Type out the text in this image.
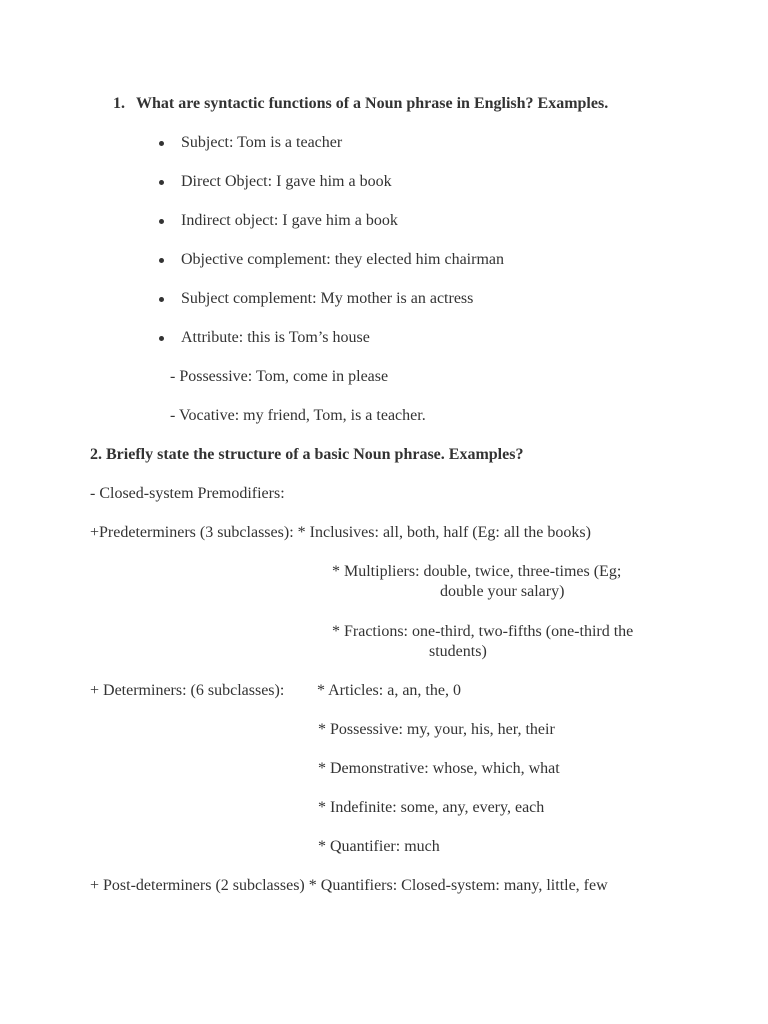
1. What are syntactic functions of a Noun phrase in English? Examples.
Subject: Tom is a teacher
Direct Object: I gave him a book
Indirect object: I gave him a book
Objective complement: they elected him chairman
Subject complement: My mother is an actress
Attribute: this is Tom’s house
- Possessive: Tom, come in please
- Vocative: my friend, Tom, is a teacher.
2. Briefly state the structure of a basic Noun phrase. Examples?
- Closed-system Premodifiers:
+Predeterminers (3 subclasses): * Inclusives: all, both, half (Eg: all the books)
* Multipliers: double, twice, three-times (Eg;
double your salary)
* Fractions: one-third, two-fifths (one-third the
students)
+ Determiners: (6 subclasses): * Articles: a, an, the, 0
* Possessive: my, your, his, her, their
* Demonstrative: whose, which, what
* Indefinite: some, any, every, each
* Quantifier: much
+ Post-determiners (2 subclasses) * Quantifiers: Closed-system: many, little, few
